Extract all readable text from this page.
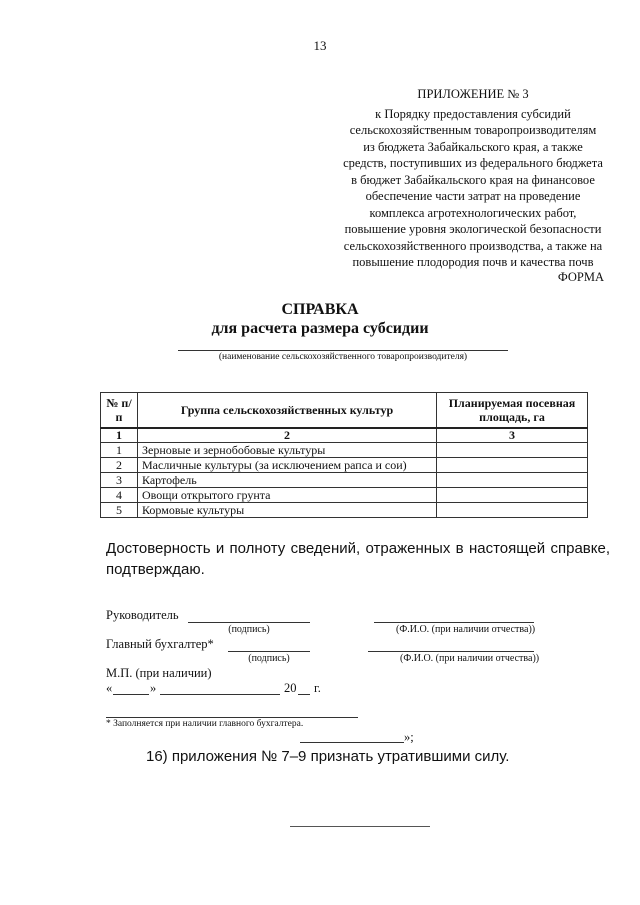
13
ПРИЛОЖЕНИЕ № 3
к Порядку предоставления субсидий
сельскохозяйственным товаропроизводителям
из бюджета Забайкальского края, а также
средств, поступивших из федерального бюджета
в бюджет Забайкальского края на финансовое
обеспечение части затрат на проведение
комплекса агротехнологических работ,
повышение уровня экологической безопасности
сельскохозяйственного производства, а также на
повышение плодородия почв и качества почв
ФОРМА
СПРАВКА
для расчета размера субсидии
(наименование сельскохозяйственного товаропроизводителя)
№ п/п	Группа сельскохозяйственных культур	Планируемая посевная площадь, га
1	2	3
1	Зерновые и зернобобовые культуры	
2	Масличные культуры (за исключением рапса и сои)	
3	Картофель	
4	Овощи открытого грунта	
5	Кормовые культуры	
Достоверность и полноту сведений, отраженных в настоящей справке, подтверждаю.
Руководитель
(подпись)	(Ф.И.О. (при наличии отчества))
Главный бухгалтер*
(подпись)	(Ф.И.О. (при наличии отчества))
М.П. (при наличии)
«	»	20 г.
* Заполняется при наличии главного бухгалтера.
»;
16) приложения № 7–9 признать утратившими силу.
